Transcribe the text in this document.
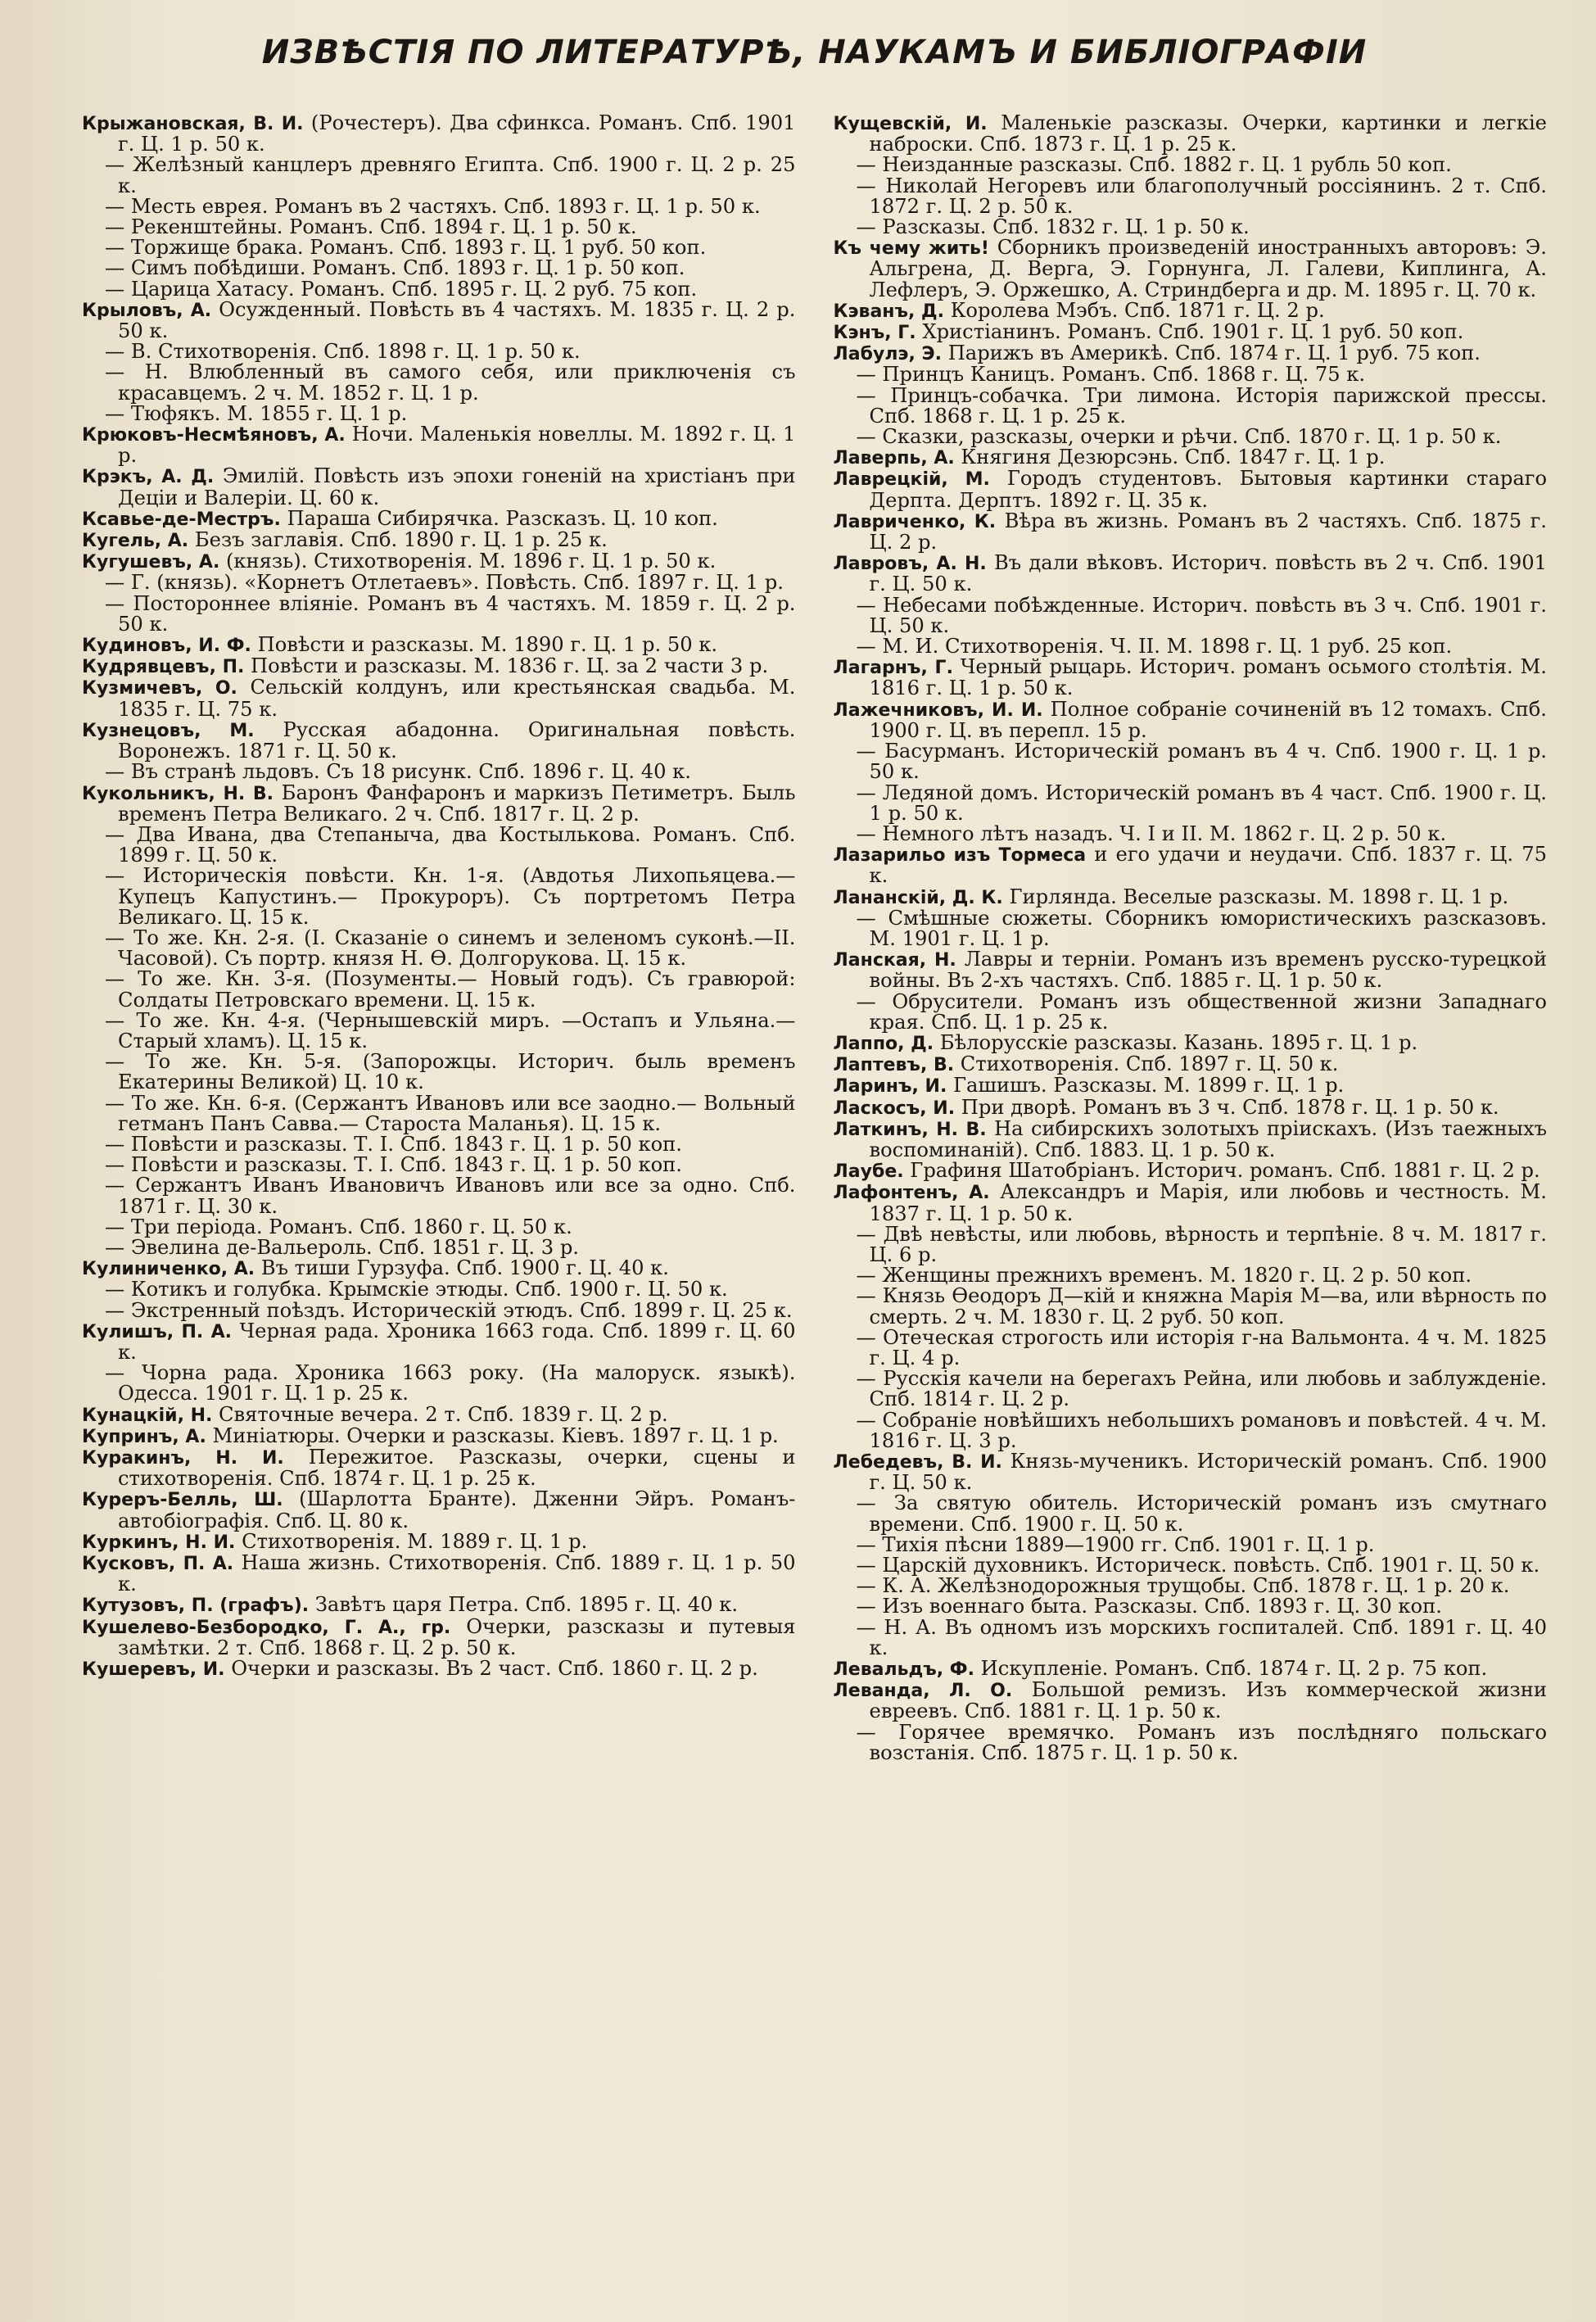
ИЗВѢСТІЯ ПО ЛИТЕРАТУРѢ, НАУКАМЪ И БИБЛІОГРАФІИ

Крыжановская, В. И. (Рочестеръ). Два сфинкса. Романъ. Спб. 1901 г. Ц. 1 р. 50 к.

— Желѣзный канцлеръ древняго Египта. Спб. 1900 г. Ц. 2 р. 25 к.

— Месть еврея. Романъ въ 2 частяхъ. Спб. 1893 г. Ц. 1 р. 50 к.

— Рекенштейны. Романъ. Спб. 1894 г. Ц. 1 р. 50 к.

— Торжище брака. Романъ. Спб. 1893 г. Ц. 1 руб. 50 коп.

— Симъ побѣдиши. Романъ. Спб. 1893 г. Ц. 1 р. 50 коп.

— Царица Хатасу. Романъ. Спб. 1895 г. Ц. 2 руб. 75 коп.

Крыловъ, А. Осужденный. Повѣсть въ 4 частяхъ. М. 1835 г. Ц. 2 р. 50 к.

— В. Стихотворенія. Спб. 1898 г. Ц. 1 р. 50 к.

— Н. Влюбленный въ самого себя, или приключенія съ красавцемъ. 2 ч. М. 1852 г. Ц. 1 р.

— Тюфякъ. М. 1855 г. Ц. 1 р.

Крюковъ-Несмѣяновъ, А. Ночи. Маленькія новеллы. М. 1892 г. Ц. 1 р.

Крэкъ, А. Д. Эмилій. Повѣсть изъ эпохи гоненій на христіанъ при Деціи и Валеріи. Ц. 60 к.

Ксавье-де-Местръ. Параша Сибирячка. Разсказъ. Ц. 10 коп.

Кугель, А. Безъ заглавія. Спб. 1890 г. Ц. 1 р. 25 к.

Кугушевъ, А. (князь). Стихотворенія. М. 1896 г. Ц. 1 р. 50 к.

— Г. (князь). «Корнетъ Отлетаевъ». Повѣсть. Спб. 1897 г. Ц. 1 р.

— Постороннее вліяніе. Романъ въ 4 частяхъ. М. 1859 г. Ц. 2 р. 50 к.

Кудиновъ, И. Ф. Повѣсти и разсказы. М. 1890 г. Ц. 1 р. 50 к.

Кудрявцевъ, П. Повѣсти и разсказы. М. 1836 г. Ц. за 2 части 3 р.

Кузмичевъ, О. Сельскій колдунъ, или крестьянская свадьба. М. 1835 г. Ц. 75 к.

Кузнецовъ, М. Русская абадонна. Оригинальная повѣсть. Воронежъ. 1871 г. Ц. 50 к.

— Въ странѣ льдовъ. Съ 18 рисунк. Спб. 1896 г. Ц. 40 к.

Кукольникъ, Н. В. Баронъ Фанфаронъ и маркизъ Петиметръ. Быль временъ Петра Великаго. 2 ч. Спб. 1817 г. Ц. 2 р.

— Два Ивана, два Степаныча, два Костылькова. Романъ. Спб. 1899 г. Ц. 50 к.

— Историческія повѣсти. Кн. 1-я. (Авдотья Лихопьяцева.—Купецъ Капустинъ.— Прокуроръ). Съ портретомъ Петра Великаго. Ц. 15 к.

— То же. Кн. 2-я. (I. Сказаніе о синемъ и зеленомъ суконѣ.—II. Часовой). Съ портр. князя Н. Ѳ. Долгорукова. Ц. 15 к.

— То же. Кн. 3-я. (Позументы.— Новый годъ). Съ гравюрой: Солдаты Петровскаго времени. Ц. 15 к.

— То же. Кн. 4-я. (Чернышевскій миръ. —Остапъ и Ульяна.—Старый хламъ). Ц. 15 к.

— То же. Кн. 5-я. (Запорожцы. Историч. быль временъ Екатерины Великой) Ц. 10 к.

— То же. Кн. 6-я. (Сержантъ Ивановъ или все заодно.— Вольный гетманъ Панъ Савва.— Староста Маланья). Ц. 15 к.

— Повѣсти и разсказы. Т. I. Спб. 1843 г. Ц. 1 р. 50 коп.

— Повѣсти и разсказы. Т. I. Спб. 1843 г. Ц. 1 р. 50 коп.

— Сержантъ Иванъ Ивановичъ Ивановъ или все за одно. Спб. 1871 г. Ц. 30 к.

— Три періода. Романъ. Спб. 1860 г. Ц. 50 к.

— Эвелина де-Вальероль. Спб. 1851 г. Ц. 3 р.

Кулиниченко, А. Въ тиши Гурзуфа. Спб. 1900 г. Ц. 40 к.

— Котикъ и голубка. Крымскіе этюды. Спб. 1900 г. Ц. 50 к.

— Экстренный поѣздъ. Историческій этюдъ. Спб. 1899 г. Ц. 25 к.

Кулишъ, П. А. Черная рада. Хроника 1663 года. Спб. 1899 г. Ц. 60 к.

— Чорна рада. Хроника 1663 року. (На малоруск. языкѣ). Одесса. 1901 г. Ц. 1 р. 25 к.

Кунацкій, Н. Святочные вечера. 2 т. Спб. 1839 г. Ц. 2 р.

Купринъ, А. Миніатюры. Очерки и разсказы. Кіевъ. 1897 г. Ц. 1 р.

Куракинъ, Н. И. Пережитое. Разсказы, очерки, сцены и стихотворенія. Спб. 1874 г. Ц. 1 р. 25 к.

Куреръ-Белль, Ш. (Шарлотта Бранте). Дженни Эйръ. Романъ-автобіографія. Спб. Ц. 80 к.

Куркинъ, Н. И. Стихотворенія. М. 1889 г. Ц. 1 р.

Кусковъ, П. А. Наша жизнь. Стихотворенія. Спб. 1889 г. Ц. 1 р. 50 к.

Кутузовъ, П. (графъ). Завѣтъ царя Петра. Спб. 1895 г. Ц. 40 к.

Кушелево-Безбородко, Г. А., гр. Очерки, разсказы и путевыя замѣтки. 2 т. Спб. 1868 г. Ц. 2 р. 50 к.

Кушеревъ, И. Очерки и разсказы. Въ 2 част. Спб. 1860 г. Ц. 2 р.

Кущевскій, И. Маленькіе разсказы. Очерки, картинки и легкіе наброски. Спб. 1873 г. Ц. 1 р. 25 к.

— Неизданные разсказы. Спб. 1882 г. Ц. 1 рубль 50 коп.

— Николай Негоревъ или благополучный россіянинъ. 2 т. Спб. 1872 г. Ц. 2 р. 50 к.

— Разсказы. Спб. 1832 г. Ц. 1 р. 50 к.

Къ чему жить! Сборникъ произведеній иностранныхъ авторовъ: Э. Альгрена, Д. Верга, Э. Горнунга, Л. Галеви, Киплинга, А. Лефлеръ, Э. Оржешко, А. Стриндберга и др. М. 1895 г. Ц. 70 к.

Кэванъ, Д. Королева Мэбъ. Спб. 1871 г. Ц. 2 р.

Кэнъ, Г. Христіанинъ. Романъ. Спб. 1901 г. Ц. 1 руб. 50 коп.

Лабулэ, Э. Парижъ въ Америкѣ. Спб. 1874 г. Ц. 1 руб. 75 коп.

— Принцъ Каницъ. Романъ. Спб. 1868 г. Ц. 75 к.

— Принцъ-собачка. Три лимона. Исторія парижской прессы. Спб. 1868 г. Ц. 1 р. 25 к.

— Сказки, разсказы, очерки и рѣчи. Спб. 1870 г. Ц. 1 р. 50 к.

Лаверпь, А. Княгиня Дезюрсэнь. Спб. 1847 г. Ц. 1 р.

Лаврецкій, М. Городъ студентовъ. Бытовыя картинки стараго Дерпта. Дерптъ. 1892 г. Ц. 35 к.

Лавриченко, К. Вѣра въ жизнь. Романъ въ 2 частяхъ. Спб. 1875 г. Ц. 2 р.

Лавровъ, А. Н. Въ дали вѣковъ. Историч. повѣсть въ 2 ч. Спб. 1901 г. Ц. 50 к.

— Небесами побѣжденные. Историч. повѣсть въ 3 ч. Спб. 1901 г. Ц. 50 к.

— М. И. Стихотворенія. Ч. II. М. 1898 г. Ц. 1 руб. 25 коп.

Лагарнъ, Г. Черный рыцарь. Историч. романъ осьмого столѣтія. М. 1816 г. Ц. 1 р. 50 к.

Лажечниковъ, И. И. Полное собраніе сочиненій въ 12 томахъ. Спб. 1900 г. Ц. въ перепл. 15 р.

— Басурманъ. Историческій романъ въ 4 ч. Спб. 1900 г. Ц. 1 р. 50 к.

— Ледяной домъ. Историческій романъ въ 4 част. Спб. 1900 г. Ц. 1 р. 50 к.

— Немного лѣтъ назадъ. Ч. I и II. М. 1862 г. Ц. 2 р. 50 к.

Лазарильо изъ Тормеса и его удачи и неудачи. Спб. 1837 г. Ц. 75 к.

Лананскій, Д. К. Гирлянда. Веселые разсказы. М. 1898 г. Ц. 1 р.

— Смѣшные сюжеты. Сборникъ юмористическихъ разсказовъ. М. 1901 г. Ц. 1 р.

Ланская, Н. Лавры и терніи. Романъ изъ временъ русско-турецкой войны. Въ 2-хъ частяхъ. Спб. 1885 г. Ц. 1 р. 50 к.

— Обрусители. Романъ изъ общественной жизни Западнаго края. Спб. Ц. 1 р. 25 к.

Лаппо, Д. Бѣлорусскіе разсказы. Казань. 1895 г. Ц. 1 р.

Лаптевъ, В. Стихотворенія. Спб. 1897 г. Ц. 50 к.

Ларинъ, И. Гашишъ. Разсказы. М. 1899 г. Ц. 1 р.

Ласкосъ, И. При дворѣ. Романъ въ 3 ч. Спб. 1878 г. Ц. 1 р. 50 к.

Латкинъ, Н. В. На сибирскихъ золотыхъ пріискахъ. (Изъ таежныхъ воспоминаній). Спб. 1883. Ц. 1 р. 50 к.

Лаубе. Графиня Шатобріанъ. Историч. романъ. Спб. 1881 г. Ц. 2 р.

Лафонтенъ, А. Александръ и Марія, или любовь и честность. М. 1837 г. Ц. 1 р. 50 к.

— Двѣ невѣсты, или любовь, вѣрность и терпѣніе. 8 ч. М. 1817 г. Ц. 6 р.

— Женщины прежнихъ временъ. М. 1820 г. Ц. 2 р. 50 коп.

— Князь Ѳеодоръ Д—кій и княжна Марія М—ва, или вѣрность по смерть. 2 ч. М. 1830 г. Ц. 2 руб. 50 коп.

— Отеческая строгость или исторія г-на Вальмонта. 4 ч. М. 1825 г. Ц. 4 р.

— Русскія качели на берегахъ Рейна, или любовь и заблужденіе. Спб. 1814 г. Ц. 2 р.

— Собраніе новѣйшихъ небольшихъ романовъ и повѣстей. 4 ч. М. 1816 г. Ц. 3 р.

Лебедевъ, В. И. Князь-мученикъ. Историческій романъ. Спб. 1900 г. Ц. 50 к.

— За святую обитель. Историческій романъ изъ смутнаго времени. Спб. 1900 г. Ц. 50 к.

— Тихія пѣсни 1889—1900 гг. Спб. 1901 г. Ц. 1 р.

— Царскій духовникъ. Историческ. повѣсть. Спб. 1901 г. Ц. 50 к.

— К. А. Желѣзнодорожныя трущобы. Спб. 1878 г. Ц. 1 р. 20 к.

— Изъ военнаго быта. Разсказы. Спб. 1893 г. Ц. 30 коп.

— Н. А. Въ одномъ изъ морскихъ госпиталей. Спб. 1891 г. Ц. 40 к.

Левальдъ, Ф. Искупленіе. Романъ. Спб. 1874 г. Ц. 2 р. 75 коп.

Леванда, Л. О. Большой ремизъ. Изъ коммерческой жизни евреевъ. Спб. 1881 г. Ц. 1 р. 50 к.

— Горячее времячко. Романъ изъ послѣдняго польскаго возстанія. Спб. 1875 г. Ц. 1 р. 50 к.
